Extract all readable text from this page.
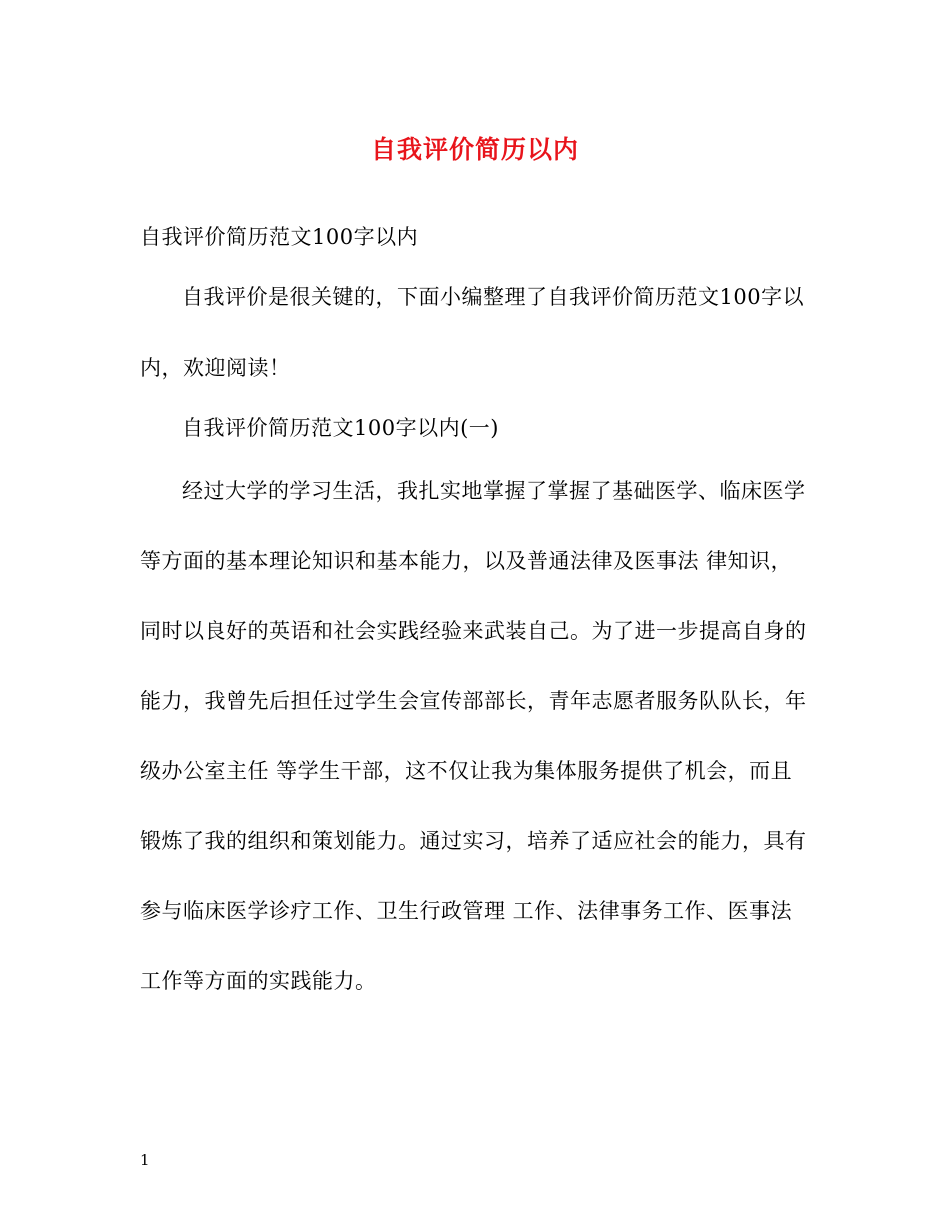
自我评价简历以内
自我评价简历范文100字以内
自我评价是很关键的，下面小编整理了自我评价简历范文100字以
内，欢迎阅读！
自我评价简历范文100字以内(一)
经过大学的学习生活，我扎实地掌握了掌握了基础医学、临床医学
等方面的基本理论知识和基本能力，以及普通法律及医事法 律知识，
同时以良好的英语和社会实践经验来武装自己。为了进一步提高自身的
能力，我曾先后担任过学生会宣传部部长，青年志愿者服务队队长，年
级办公室主任 等学生干部，这不仅让我为集体服务提供了机会，而且
锻炼了我的组织和策划能力。通过实习，培养了适应社会的能力，具有
参与临床医学诊疗工作、卫生行政管理 工作、法律事务工作、医事法
工作等方面的实践能力。
1
